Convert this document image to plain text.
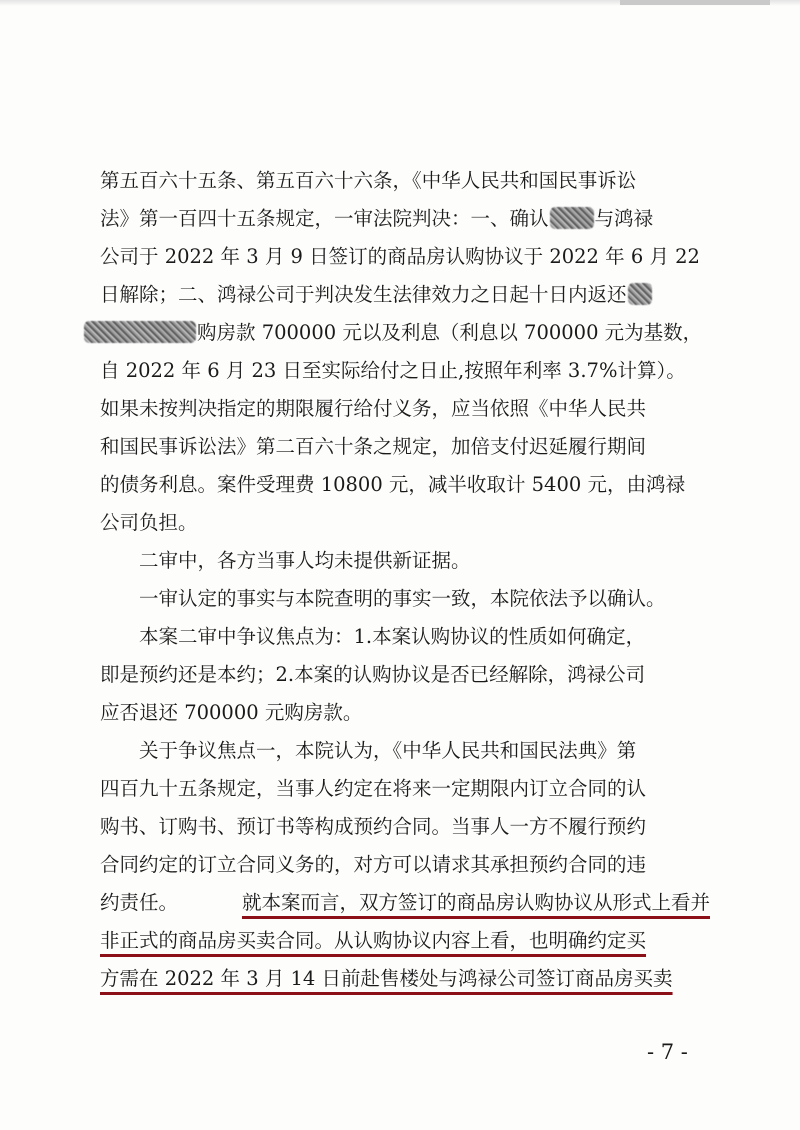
第五百六十五条、第五百六十六条，《中华人民共和国民事诉讼
法》第一百四十五条规定，一审法院判决：一、确认 与鸿禄
公司于 2022 年 3 月 9 日签订的商品房认购协议于 2022 年 6 月 22
日解除；二、鸿禄公司于判决发生法律效力之日起十日内返还
购房款 700000 元以及利息（利息以 700000 元为基数，
自 2022 年 6 月 23 日至实际给付之日止,按照年利率 3.7%计算）。
如果未按判决指定的期限履行给付义务，应当依照《中华人民共
和国民事诉讼法》第二百六十条之规定，加倍支付迟延履行期间
的债务利息。案件受理费 10800 元，减半收取计 5400 元，由鸿禄
公司负担。
二审中，各方当事人均未提供新证据。
一审认定的事实与本院查明的事实一致，本院依法予以确认。
本案二审中争议焦点为：1.本案认购协议的性质如何确定，
即是预约还是本约；2.本案的认购协议是否已经解除，鸿禄公司
应否退还 700000 元购房款。
关于争议焦点一，本院认为，《中华人民共和国民法典》第
四百九十五条规定，当事人约定在将来一定期限内订立合同的认
购书、订购书、预订书等构成预约合同。当事人一方不履行预约
合同约定的订立合同义务的，对方可以请求其承担预约合同的违
约责任。	就本案而言，双方签订的商品房认购协议从形式上看并
非正式的商品房买卖合同。从认购协议内容上看，也明确约定买
方需在 2022 年 3 月 14 日前赴售楼处与鸿禄公司签订商品房买卖
- 7 -
